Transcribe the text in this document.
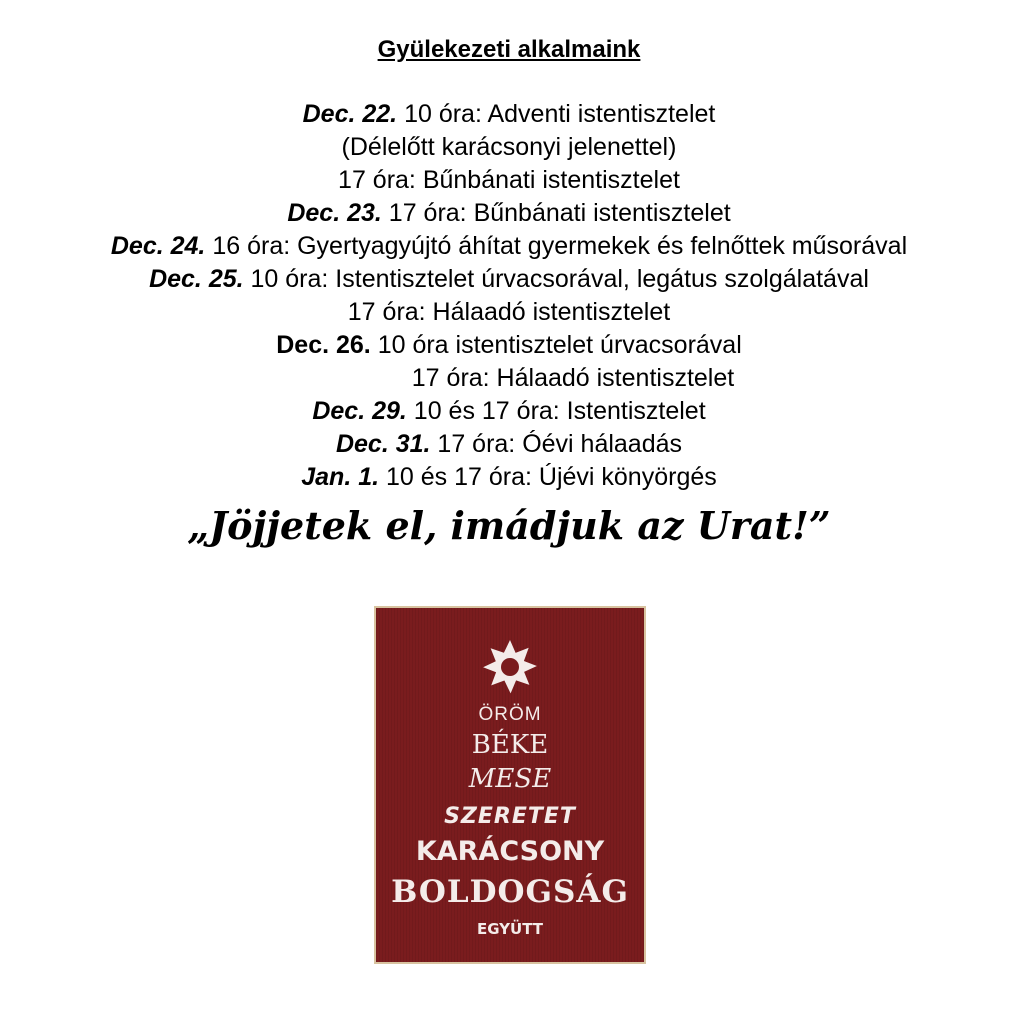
Gyülekezeti alkalmaink
Dec. 22. 10 óra: Adventi istentisztelet
(Délelőtt karácsonyi jelenettel)
17 óra: Bűnbánati istentisztelet
Dec. 23. 17 óra: Bűnbánati istentisztelet
Dec. 24. 16 óra: Gyertyagyújtó áhítat gyermekek és felnőttek műsorával
Dec. 25. 10 óra: Istentisztelet úrvacsorával, legátus szolgálatával
17 óra: Hálaadó istentisztelet
Dec. 26. 10 óra istentisztelet úrvacsorával
17 óra: Hálaadó istentisztelet
Dec. 29. 10 és 17 óra: Istentisztelet
Dec. 31. 17 óra: Óévi hálaadás
Jan. 1. 10 és 17 óra: Újévi könyörgés
„Jöjjetek el, imádjuk az Urat!”
ÖRÖM
BÉKE
MESE
SZERETET
KARÁCSONY
BOLDOGSÁG
EGYÜTT
